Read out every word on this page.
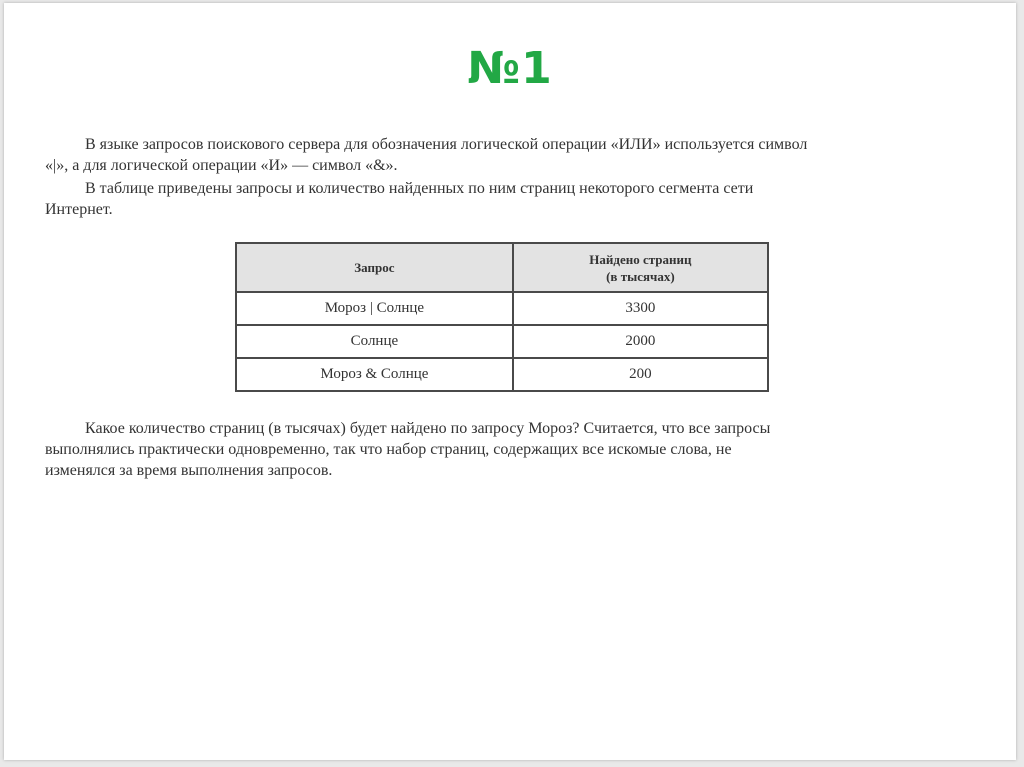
№1
В языке запросов поискового сервера для обозначения логической операции «ИЛИ» используется символ
«|», а для логической операции «И» — символ «&».
В таблице приведены запросы и количество найденных по ним страниц некоторого сегмента сети
Интернет.
Запрос	Найдено страниц
(в тысячах)
Мороз | Солнце	3300
Солнце	2000
Мороз & Солнце	200
Какое количество страниц (в тысячах) будет найдено по запросу Мороз? Считается, что все запросы
выполнялись практически одновременно, так что набор страниц, содержащих все искомые слова, не
изменялся за время выполнения запросов.
